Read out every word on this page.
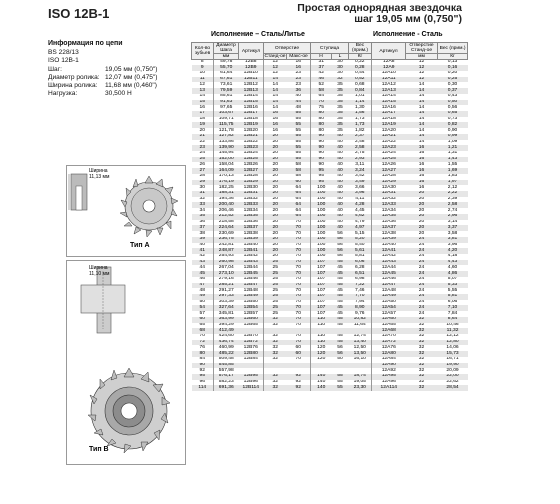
ISO 12B-1	Простая однорядная звездочка
шаг 19,05 мм (0,750")
Информация по цепи
BS 228/13
ISO 12B-1
Шаг:	19,05 мм (0,750")
Диаметр ролика: 12,07 мм (0,475")
Ширина ролика:	11,68 мм (0,460")
Нагрузка:	30,500 Н
Ширина
11,13 мм
Тип А
Ширина
11,10 мм
Тип В
Исполнение – Сталь/Литье	Исполнение - Сталь
Кол-во зубьев	Диаметр Шага	Артикул	Отверстие		Ступица		Вес (прим.)	Артикул	Отверстие Станд-ое	Вес (прим.)
	мм		Станд-ое	Макс-ое	H	L	Кг		мм	Кг
8	49,78	12В8	12	16	31	30	0,22	12А8	12	0,13
9	55,70	12В9	12	16	37	30	0,28	12А9	12	0,16
10	61,64	12В10	12	23	42	30	0,44	12А10	12	0,20
11	67,61	12В11	14	23	46	32	0,52	12А11	12	0,25
12	73,61	12В12	14	23	52	35	0,68	12А12	14	0,30
13	79,59	12В13	14	36	58	35	0,84	12А13	14	0,37
14	85,61	12В14	14	40	64	35	1,01	12А14	14	0,43
15	91,63	12В15	14	44	70	35	1,14	12А15	14	0,50
16	97,65	12В16	14	48	75	35	1,30	12А16	14	0,56
17	103,67	12В17	16	55	80	35	1,56	12А17	14	0,65
18	109,71	12В18	16	55	80	35	1,73	12А18	14	0,73
19	115,75	12В19	16	55	80	35	1,73	12А19	14	0,82
20	121,78	12В20	16	55	80	35	1,82	12А20	14	0,90
21	127,82	12В21	20	55	90	40	2,37	12А21	14	0,99
22	133,86	12В22	20	55	90	40	2,48	12А22	14	1,09
23	139,90	12В23	20	55	90	40	2,58	12А23	16	1,21
24	145,94	12В24	20	55	90	40	2,75	12А24	16	1,31
25	152,00	12В25	20	55	90	40	2,93	12А25	16	1,43
26	158,04	12В26	20	58	90	40	3,11	12А26	16	1,55
27	164,09	12В27	20	58	95	40	3,24	12А27	16	1,69
28	170,13	12В28	20	58	95	40	3,42	12А28	16	1,83
29	176,19	12В29	20	60	95	40	3,49	12А29	16	1,97
30	182,25	12В30	20	64	100	40	3,66	12А30	16	2,12
31	188,31	12В31	20	64	100	40	3,96	12А31	20	2,22
32	194,36	12В32	20	64	100	40	4,11	12А32	20	2,39
33	200,40	12В33	20	64	100	40	4,28	12А33	20	2,58
34	206,46	12В34	20	64	100	40	4,45	12А34	20	2,74
35	212,52	12В35	20	64	100	40	4,62	12А35	20	2,96
36	218,58	12В36	20	70	100	40	4,79	12А36	20	3,14
37	224,64	12В37	20	70	100	40	4,97	12А37	20	3,37
38	230,69	12В38	20	70	100	56	5,15	12А38	20	3,58
39	236,75	12В39	20	70	100	56	5,20	12А39	24	3,81
40	242,81	12В40	20	70	100	56	5,40	12А40	24	3,96
41	248,87	12В41	20	70	100	56	5,61	12А41	24	4,20
42	254,93	12В42	20	70	100	56	5,81	12А42	24	4,18
43	260,98	12В43	25	70	107	45	6,06	12А43	24	4,43
44	267,04	12В44	25	70	107	45	6,28	12А44	24	4,60
45	273,10	12В45	25	70	107	45	6,51	12А45	24	4,86
46	279,16	12В46	25	70	107	45	6,98	12А46	24	5,07
47	285,21	12В47	25	70	107	45	7,22	12А47	24	5,33
48	291,27	12В48	25	70	107	45	7,46	12А48	24	5,55
49	297,33	12В49	25	70	107	45	7,70	12А49	24	5,81
50	303,39	12В50	25	70	107	45	7,94	12А50	24	6,06
54	327,64	12В54	25	70	107	45	8,90	12А54	24	7,10
57	345,81	12В57	25	70	107	45	9,76	12А57	24	7,84
60	363,99	12В60	32	70	110	45	10,82	12А60	32	8,64
65	394,29	12В65	32	70	110	45	11,64	12А65	32	10,46
68	412,49							12А68	32	11,32
70	424,60	12В70	32	70	110	45	12,74	12А70	32	12,12
72	436,74	12В72	32	70	110	45	13,40	12А72	32	12,80
76	460,99	12В76	32	60	120	56	12,50	12А76	32	14,06
80	485,22	12В80	32	60	120	56	13,50	12А80	32	15,73
84	509,48	12В84	32	70	120	50	16,10	12А84	32	16,71
90	545,85							12А90	32	19,90
92	557,98							12А92	32	20,09
95	576,17	12В95	32	92	140	55	18,74	12А95	32	22,00
96	582,23	12В96	32	92	140	55	19,05	12А96	32	22,62
114	691,36	12В114	32	92	140	55	23,30	12А114	32	28,54
